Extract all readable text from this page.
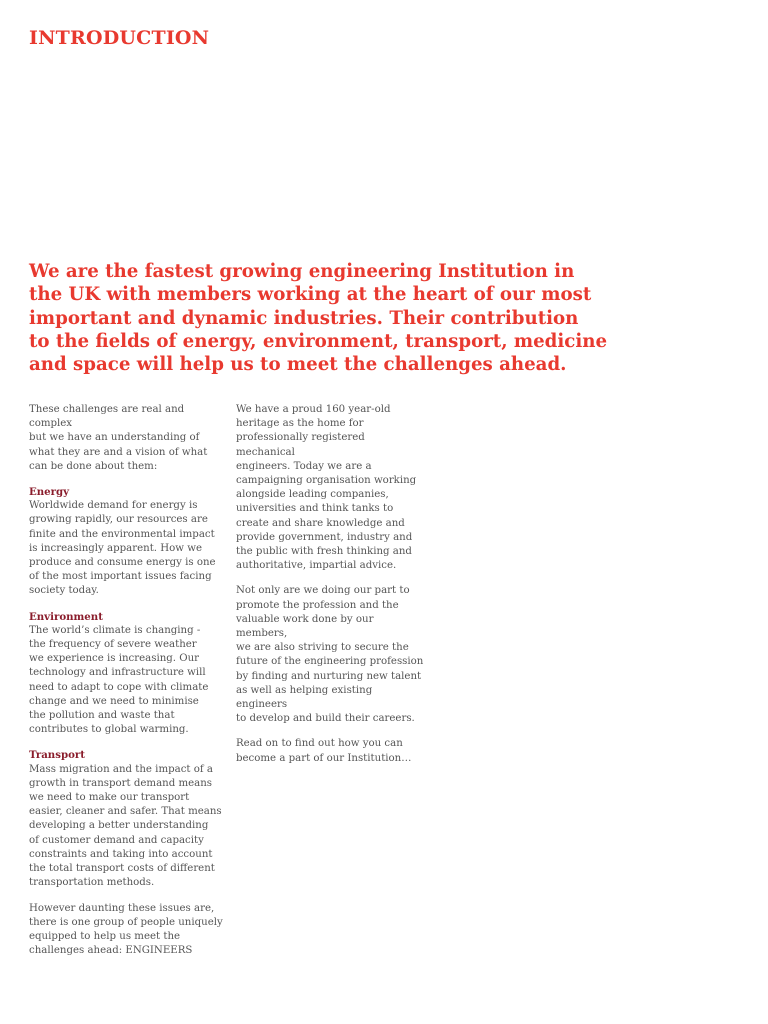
INTRODUCTION

We are the fastest growing engineering Institution in
the UK with members working at the heart of our most
important and dynamic industries. Their contribution
to the fields of energy, environment, transport, medicine
and space will help us to meet the challenges ahead.

These challenges are real and complex
but we have an understanding of
what they are and a vision of what
can be done about them:

Energy
Worldwide demand for energy is
growing rapidly, our resources are
finite and the environmental impact
is increasingly apparent. How we
produce and consume energy is one
of the most important issues facing
society today.
Environment
The world’s climate is changing -
the frequency of severe weather
we experience is increasing. Our
technology and infrastructure will
need to adapt to cope with climate
change and we need to minimise
the pollution and waste that
contributes to global warming.
Transport
Mass migration and the impact of a
growth in transport demand means
we need to make our transport
easier, cleaner and safer. That means
developing a better understanding
of customer demand and capacity
constraints and taking into account
the total transport costs of different
transportation methods.

However daunting these issues are,
there is one group of people uniquely
equipped to help us meet the
challenges ahead: ENGINEERS

We have a proud 160 year-old
heritage as the home for
professionally registered mechanical
engineers. Today we are a
campaigning organisation working
alongside leading companies,
universities and think tanks to
create and share knowledge and
provide government, industry and
the public with fresh thinking and
authoritative, impartial advice.

Not only are we doing our part to
promote the profession and the
valuable work done by our members,
we are also striving to secure the
future of the engineering profession
by finding and nurturing new talent
as well as helping existing engineers
to develop and build their careers.

Read on to find out how you can
become a part of our Institution…
